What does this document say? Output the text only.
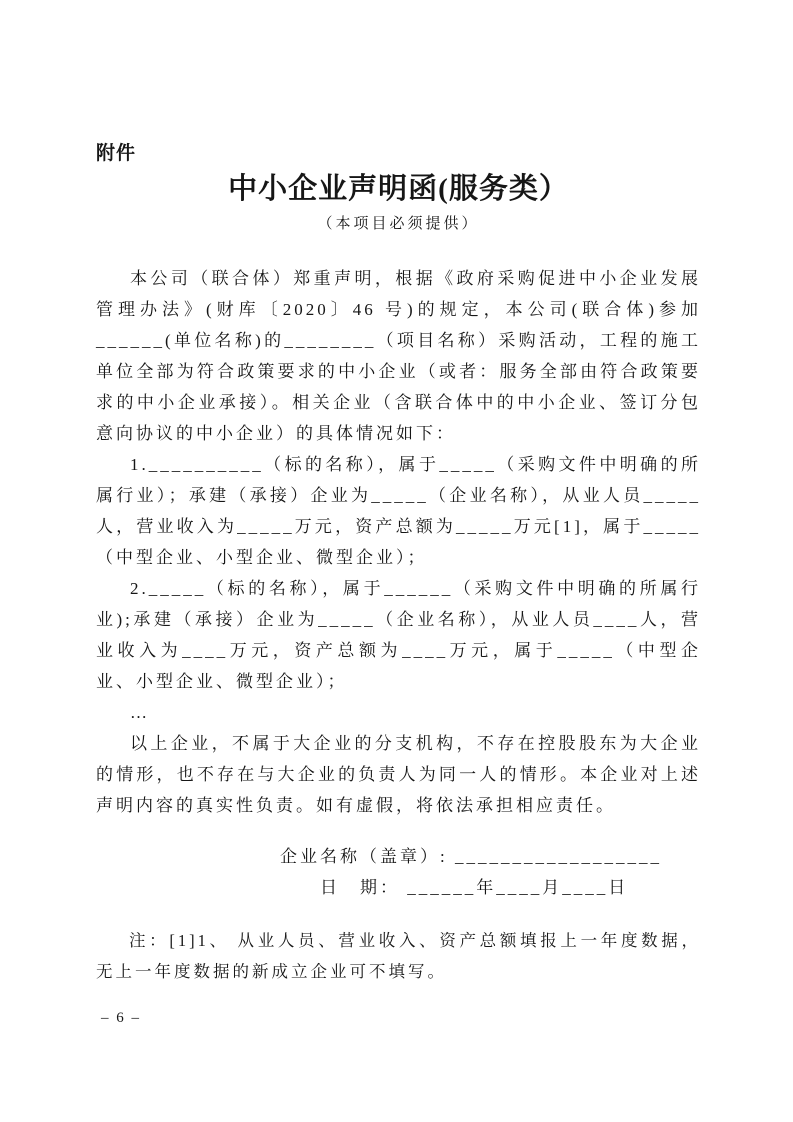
附件
中小企业声明函(服务类）
（本项目必须提供）

本公司（联合体）郑重声明，根据《政府采购促进中小企业发展管理办法》(财库〔2020〕46 号)的规定，本公司(联合体)参加______(单位名称)的________（项目名称）采购活动，工程的施工单位全部为符合政策要求的中小企业（或者：服务全部由符合政策要求的中小企业承接）。相关企业（含联合体中的中小企业、签订分包意向协议的中小企业）的具体情况如下：

1.__________（标的名称），属于_____（采购文件中明确的所属行业）；承建（承接）企业为_____（企业名称），从业人员_____人，营业收入为_____万元，资产总额为_____万元[1]，属于_____（中型企业、小型企业、微型企业）；

2._____（标的名称），属于______（采购文件中明确的所属行业);承建（承接）企业为_____（企业名称），从业人员____人，营业收入为____万元，资产总额为____万元，属于_____（中型企业、小型企业、微型企业）；

…

以上企业，不属于大企业的分支机构，不存在控股股东为大企业的情形，也不存在与大企业的负责人为同一人的情形。本企业对上述声明内容的真实性负责。如有虚假，将依法承担相应责任。

企业名称（盖章）: __________________
日　期： ______年____月____日

注：[1]1、 从业人员、营业收入、资产总额填报上一年度数据，无上一年度数据的新成立企业可不填写。

– 6 –
